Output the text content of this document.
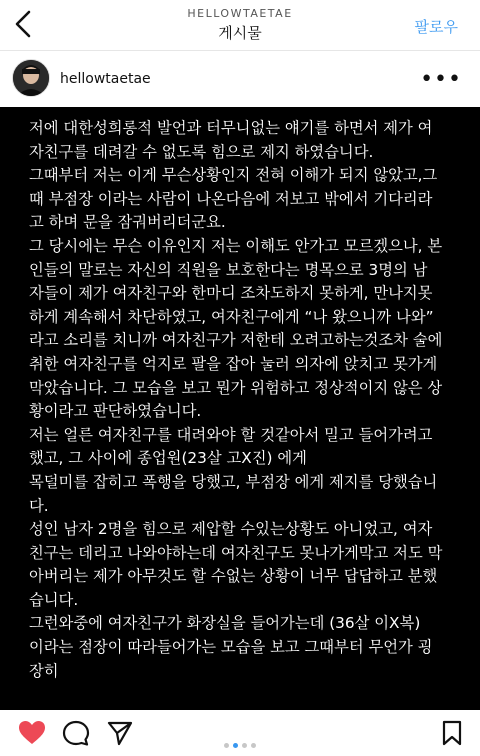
HELLOWTAETAE
게시물	팔로우
hellowtaetae	•••
저에 대한성희롱적 발언과 터무니없는 얘기를 하면서 제가 여
자친구를 데려갈 수 없도록 힘으로 제지 하였습니다.
그때부터 저는 이게 무슨상황인지 전혀 이해가 되지 않았고,그
때 부점장 이라는 사람이 나온다음에 저보고 밖에서 기다리라
고 하며 문을 잠궈버리더군요.
그 당시에는 무슨 이유인지 저는 이해도 안가고 모르겠으나, 본
인들의 말로는 자신의 직원을 보호한다는 명목으로 3명의 남
자들이 제가 여자친구와 한마디 조차도하지 못하게, 만나지못
하게 계속해서 차단하였고, 여자친구에게 “나 왔으니까 나와”
라고 소리를 치니까 여자친구가 저한테 오려고하는것조차 술에
취한 여자친구를 억지로 팔을 잡아 눌러 의자에 앉치고 못가게
막았습니다. 그 모습을 보고 뭔가 위험하고 정상적이지 않은 상
황이라고 판단하였습니다.
저는 얼른 여자친구를 대려와야 할 것같아서 밀고 들어가려고
했고, 그 사이에 종업원(23살 고X진) 에게
목덜미를 잡히고 폭행을 당했고, 부점장 에게 제지를 당했습니
다.
성인 남자 2명을 힘으로 제압할 수있는상황도 아니었고, 여자
친구는 데리고 나와야하는데 여자친구도 못나가게막고 저도 막
아버리는 제가 아무것도 할 수없는 상황이 너무 답답하고 분했
습니다.
그런와중에 여자친구가 화장실을 들어가는데 (36살 이X복)
이라는 점장이 따라들어가는 모습을 보고 그때부터 무언가 굉
장히
